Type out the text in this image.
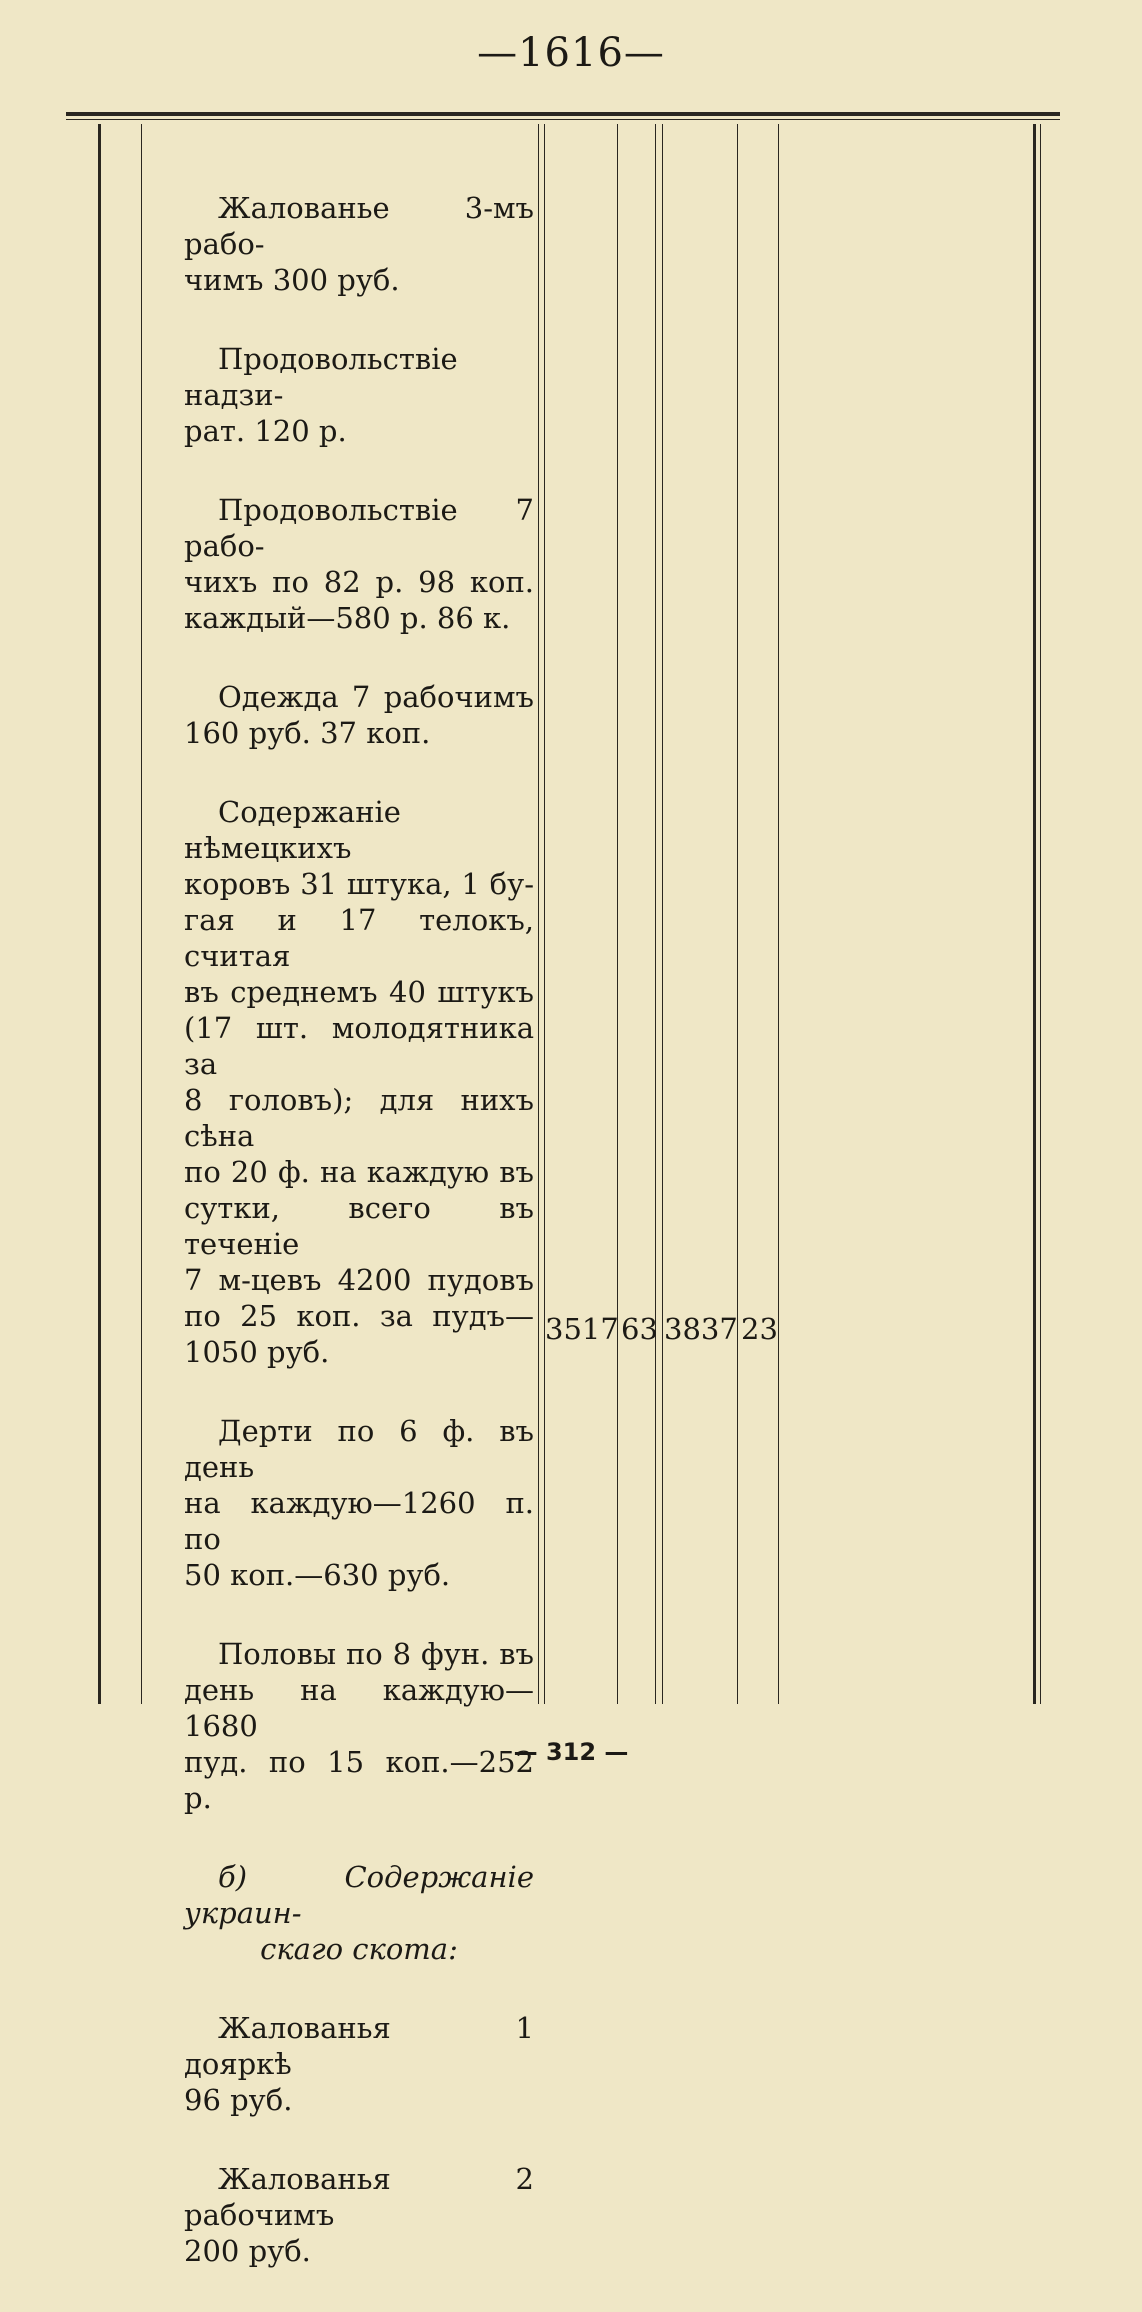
—1616—
Жалованье 3-мъ рабо-
чимъ 300 руб.
Продовольствіе надзи-
рат. 120 р.
Продовольствіе 7 рабо-
чихъ по 82 р. 98 коп.
каждый—580 р. 86 к.
Одежда 7 рабочимъ
160 руб. 37 коп.
Содержаніе нѣмецкихъ
коровъ 31 штука, 1 бу-
гая и 17 телокъ, считая
въ среднемъ 40 штукъ
(17 шт. молодятника за
8 головъ); для нихъ сѣна
по 20 ф. на каждую въ
сутки, всего въ теченіе
7 м-цевъ 4200 пудовъ
по 25 коп. за пудъ—
1050 руб.
Дерти по 6 ф. въ день
на каждую—1260 п. по
50 коп.—630 руб.
Половы по 8 фун. въ
день на каждую—1680
пуд. по 15 коп.—252 р.
б) Содержаніе украин-
скаго скота:
Жалованья 1 дояркѣ
96 руб.
Жалованья 2 рабочимъ
200 руб.
3517 63 3837 23
— 312 —
